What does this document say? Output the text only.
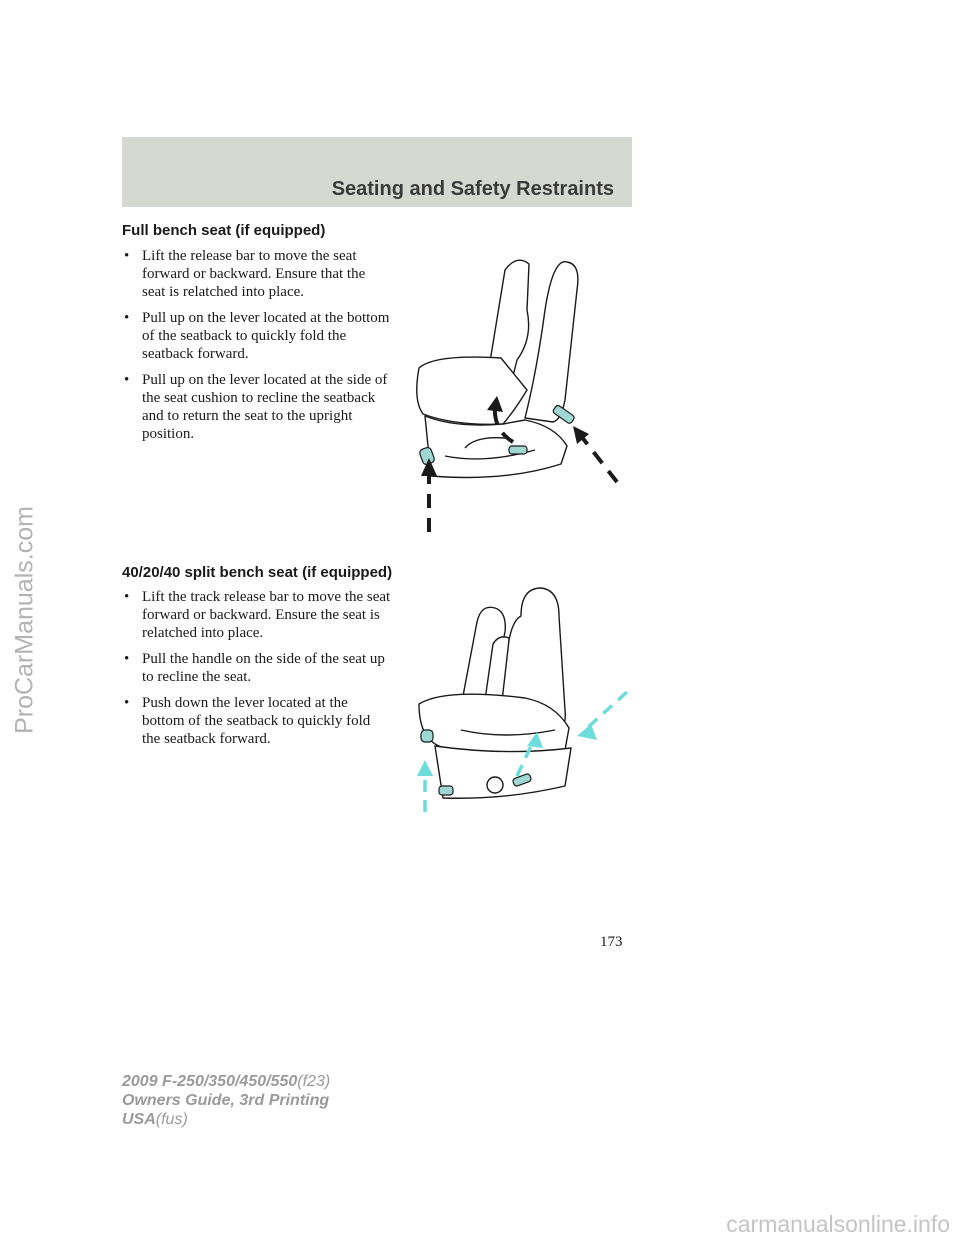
Seating and Safety Restraints
Full bench seat (if equipped)
• Lift the release bar to move the seat forward or backward. Ensure that the seat is relatched into place.
• Pull up on the lever located at the bottom of the seatback to quickly fold the seatback forward.
• Pull up on the lever located at the side of the seat cushion to recline the seatback and to return the seat to the upright position.
40/20/40 split bench seat (if equipped)
• Lift the track release bar to move the seat forward or backward. Ensure the seat is relatched into place.
• Pull the handle on the side of the seat up to recline the seat.
• Push down the lever located at the bottom of the seatback to quickly fold the seatback forward.

173

2009 F-250/350/450/550(f23)
Owners Guide, 3rd Printing
USA(fus)
ProCarManuals.com

carmanualsonline.info
